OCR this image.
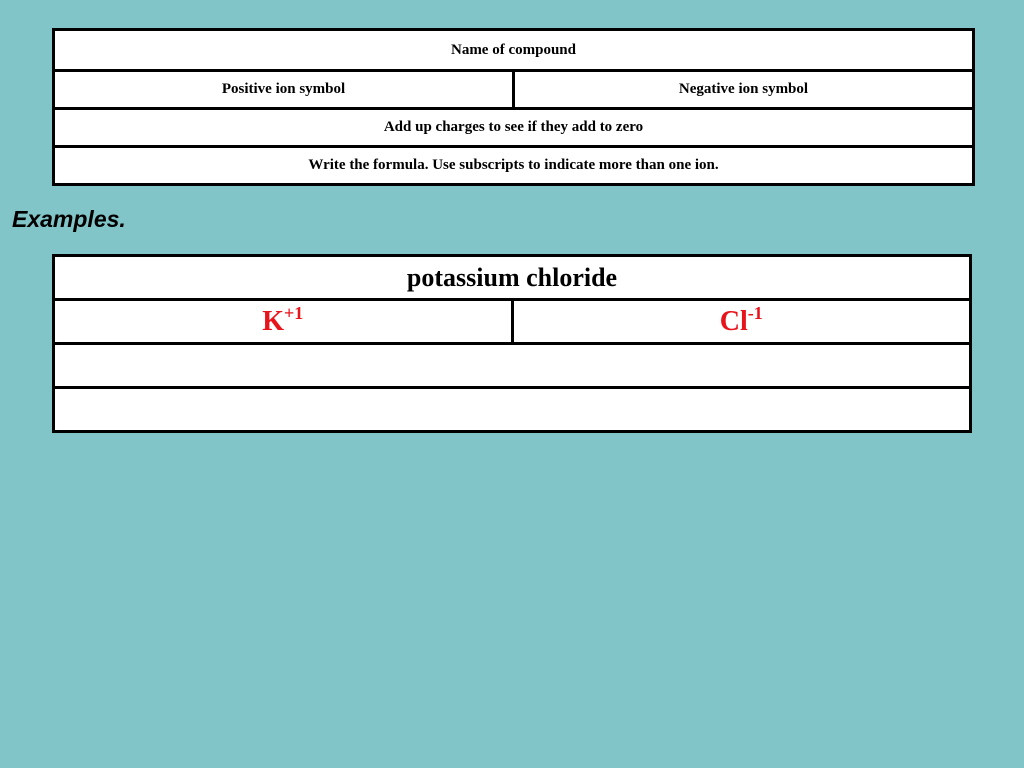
Name of compound
Positive ion symbol	Negative ion symbol
Add up charges to see if they add to zero
Write the formula. Use subscripts to indicate more than one ion.
Examples.
potassium chloride
$K^{+1}$	$Cl^{-1}$
